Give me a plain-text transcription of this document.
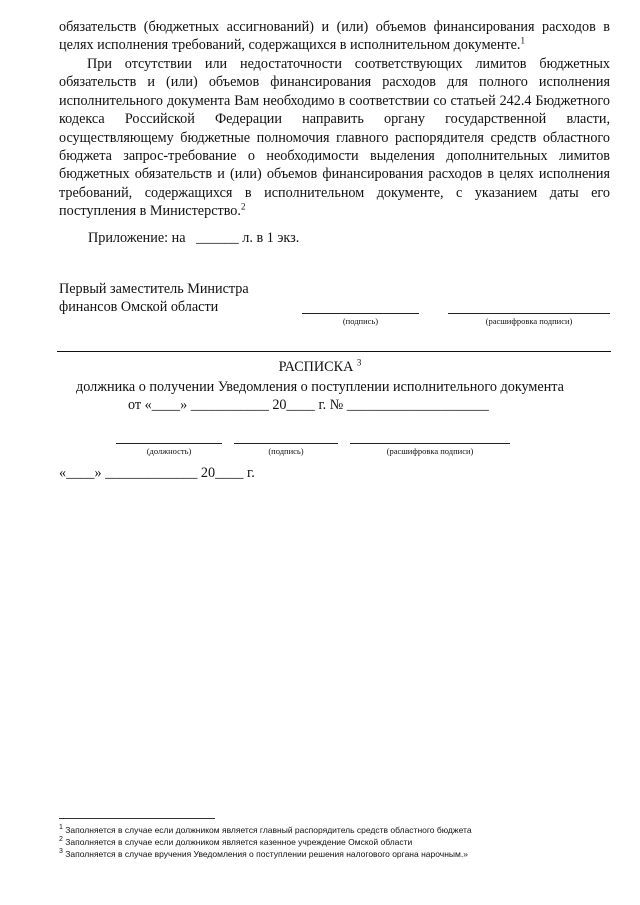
обязательств (бюджетных ассигнований) и (или) объемов финансирования расходов в целях исполнения требований, содержащихся в исполнительном документе.$^1$

При отсутствии или недостаточности соответствующих лимитов бюджетных обязательств и (или) объемов финансирования расходов для полного исполнения исполнительного документа Вам необходимо в соответствии со статьей 242.4 Бюджетного кодекса Российской Федерации направить органу государственной власти, осуществляющему бюджетные полномочия главного распорядителя средств областного бюджета запрос-требование о необходимости выделения дополнительных лимитов бюджетных обязательств и (или) объемов финансирования расходов в целях исполнения требований, содержащихся в исполнительном документе, с указанием даты его поступления в Министерство.$^2$

Приложение: на ______ л. в 1 экз.
Первый заместитель Министра
финансов Омской области
(подпись)	(расшифровка подписи)
РАСПИСКА $^3$
должника о получении Уведомления о поступлении исполнительного документа
от «____» ___________ 20____ г. № ____________________
(должность)	(подпись)	(расшифровка подписи)
«____» _____________ 20____ г.
$^1$ Заполняется в случае если должником является главный распорядитель средств областного бюджета
$^2$ Заполняется в случае если должником является казенное учреждение Омской области
$^3$ Заполняется в случае вручения Уведомления о поступлении решения налогового органа нарочным.»
